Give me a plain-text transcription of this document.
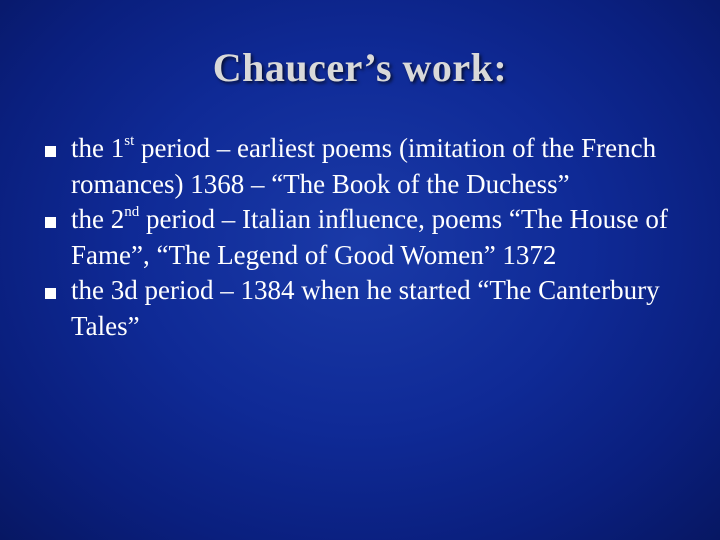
Chaucer’s work:
the 1st period – earliest poems (imitation of the French romances) 1368 – “The Book of the Duchess”
the 2nd period – Italian influence, poems “The House of Fame”, “The Legend of Good Women” 1372
the 3d period – 1384 when he started “The Canterbury Tales”
